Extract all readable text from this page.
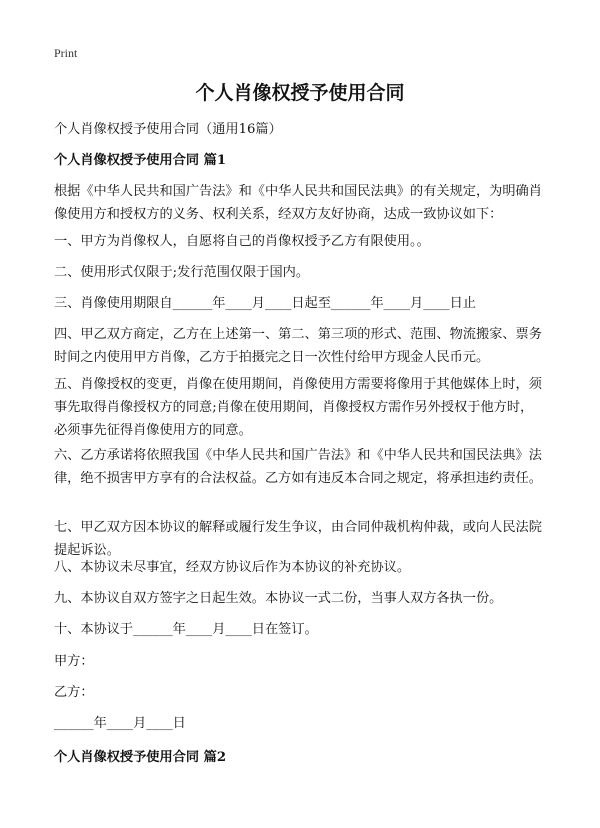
Print
个人肖像权授予使用合同

个人肖像权授予使用合同（通用16篇）

个人肖像权授予使用合同 篇1

根据《中华人民共和国广告法》和《中华人民共和国民法典》的有关规定，为明确肖像使用方和授权方的义务、权利关系，经双方友好协商，达成一致协议如下：

一、甲方为肖像权人，自愿将自己的肖像权授予乙方有限使用。。

二、使用形式仅限于;发行范围仅限于国内。

三、肖像使用期限自______年____月____日起至______年____月____日止

四、甲乙双方商定，乙方在上述第一、第二、第三项的形式、范围、物流搬家、票务时间之内使用甲方肖像，乙方于拍摄完之日一次性付给甲方现金人民币元。

五、肖像授权的变更，肖像在使用期间，肖像使用方需要将像用于其他媒体上时，须事先取得肖像授权方的同意;肖像在使用期间，肖像授权方需作另外授权于他方时，必须事先征得肖像使用方的同意。

六、乙方承诺将依照我国《中华人民共和国广告法》和《中华人民共和国民法典》法律，绝不损害甲方享有的合法权益。乙方如有违反本合同之规定，将承担违约责任。

七、甲乙双方因本协议的解释或履行发生争议，由合同仲裁机构仲裁，或向人民法院提起诉讼。

八、本协议未尽事宜，经双方协议后作为本协议的补充协议。

九、本协议自双方签字之日起生效。本协议一式二份，当事人双方各执一份。

十、本协议于______年____月____日在签订。

甲方：

乙方：

______年____月____日

个人肖像权授予使用合同 篇2
